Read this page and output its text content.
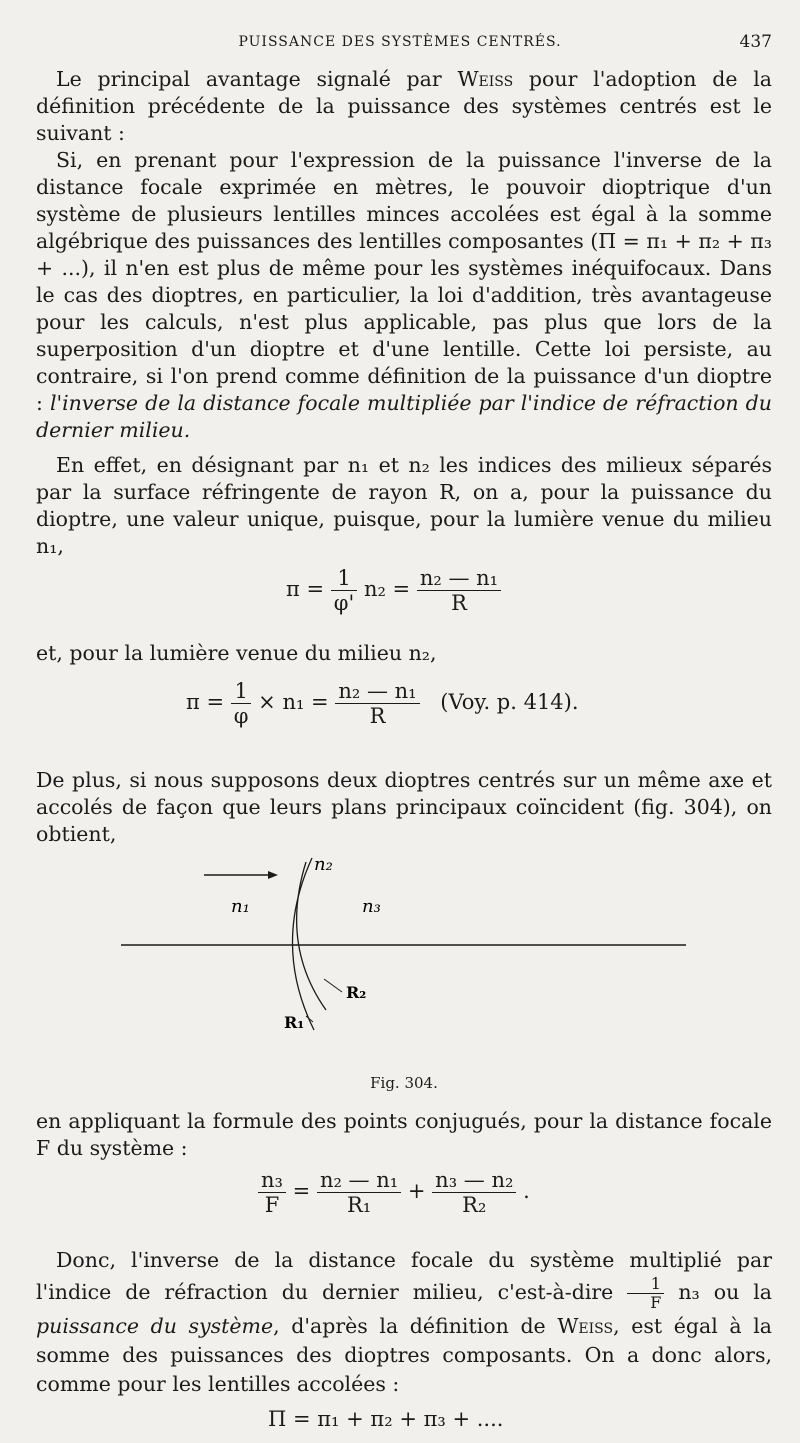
PUISSANCE DES SYSTÈMES CENTRÉS.	437

Le principal avantage signalé par Weiss pour l'adoption de la définition précédente de la puissance des systèmes centrés est le suivant :

Si, en prenant pour l'expression de la puissance l'inverse de la distance focale exprimée en mètres, le pouvoir dioptrique d'un système de plusieurs lentilles minces accolées est égal à la somme algébrique des puissances des lentilles composantes (Π = π₁ + π₂ + π₃ + ...), il n'en est plus de même pour les systèmes inéquifocaux. Dans le cas des dioptres, en particulier, la loi d'addition, très avantageuse pour les calculs, n'est plus applicable, pas plus que lors de la superposition d'un dioptre et d'une lentille. Cette loi persiste, au contraire, si l'on prend comme définition de la puissance d'un dioptre : l'inverse de la distance focale multipliée par l'indice de réfraction du dernier milieu.

En effet, en désignant par n₁ et n₂ les indices des milieux séparés par la surface réfringente de rayon R, on a, pour la puissance du dioptre, une valeur unique, puisque, pour la lumière venue du milieu n₁,

$\pi = \frac{1}{\varphi'} n_2 = \frac{\text{n₂ — n₁}}{R}$

et, pour la lumière venue du milieu n₂,

$\pi = \frac{1}{\varphi} \times n_1 = \frac{\text{n₂ — n₁}}{R} (Voy$. p. 414).

De plus, si nous supposons deux dioptres centrés sur un même axe et accolés de façon que leurs plans principaux coïncident (fig. 304), on obtient,

n₁
n₂
n₃
R₂
R₁
Fig. 304.

en appliquant la formule des points conjugués, pour la distance focale F du système :

$\frac{\text{n₃}}{F} = \frac{\text{n₂ — n₁}}{\text{R₁}} + \frac{\text{n₃ — n₂}}{\text{R₂}}$ .

Donc, l'inverse de la distance focale du système multiplié par l'indice de réfraction du dernier milieu, c'est-à-dire $\frac{1}{F} n_3$ ou la puissance du système, d'après la définition de Weiss, est égal à la somme des puissances des dioptres composants. On a donc alors, comme pour les lentilles accolées :

Π = π₁ + π₂ + π₃ + ....
